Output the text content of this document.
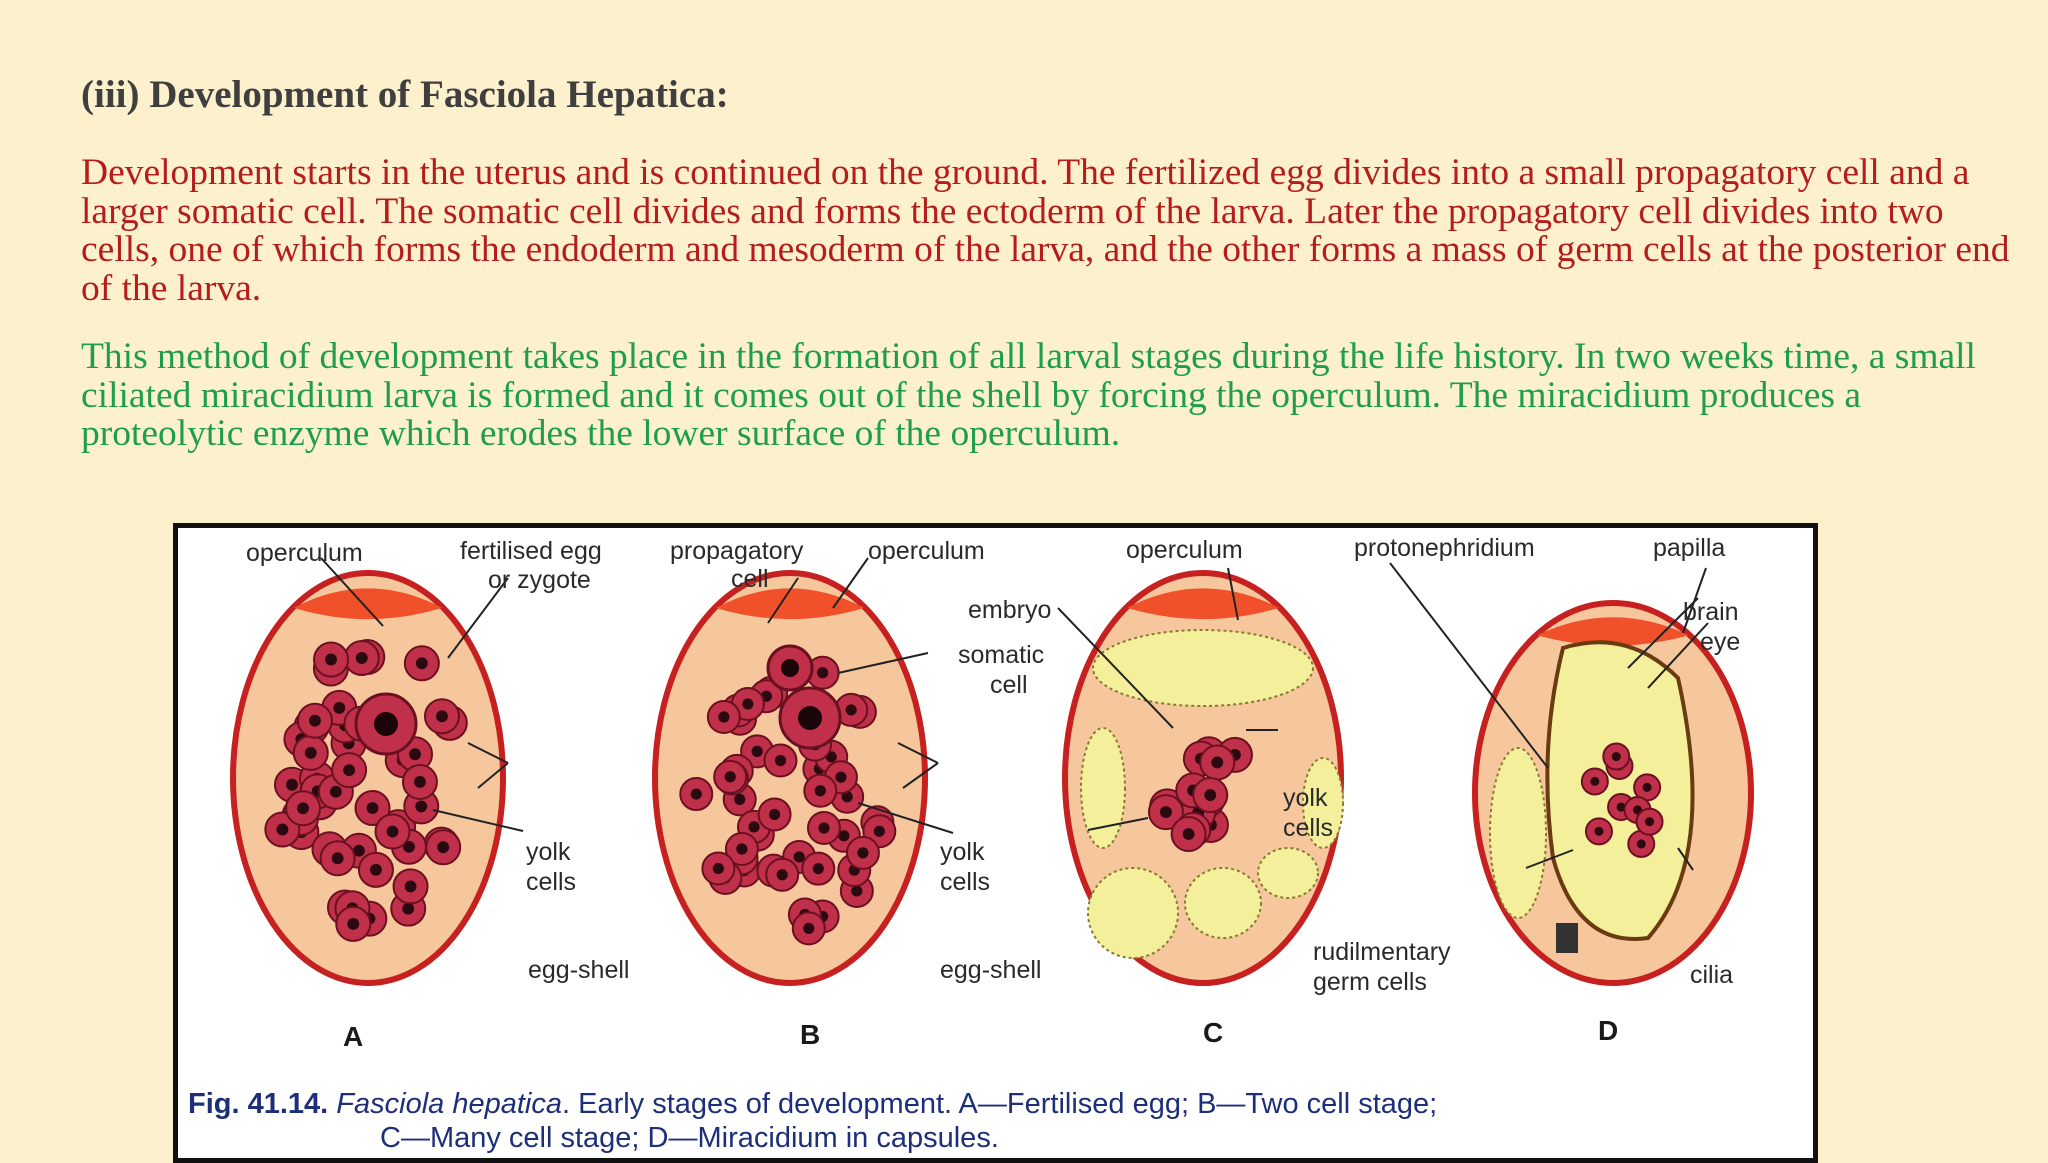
(iii) Development of Fasciola Hepatica:

Development starts in the uterus and is continued on the ground. The fertilized egg divides into a small propagatory cell and a larger somatic cell. The somatic cell divides and forms the ectoderm of the larva. Later the propagatory cell divides into two cells, one of which forms the endoderm and mesoderm of the larva, and the other forms a mass of germ cells at the posterior end of the larva.

This method of development takes place in the formation of all larval stages during the life history. In two weeks time, a small ciliated miracidium larva is formed and it comes out of the shell by forcing the operculum. The miracidium produces a proteolytic enzyme which erodes the lower surface of the operculum.

operculum	fertilised egg
or zygote
yolk
cells
egg-shell
propagatory
cell
operculum
somatic
cell
yolk
cells
egg-shell
operculum
embryo
yolk
cells
protonephridium	papilla
brain
eye
rudilmentary
germ cells	cilia
A	B	C	D
Fig. 41.14. Fasciola hepatica. Early stages of development. A—Fertilised egg; B—Two cell stage;
C—Many cell stage; D—Miracidium in capsules.
